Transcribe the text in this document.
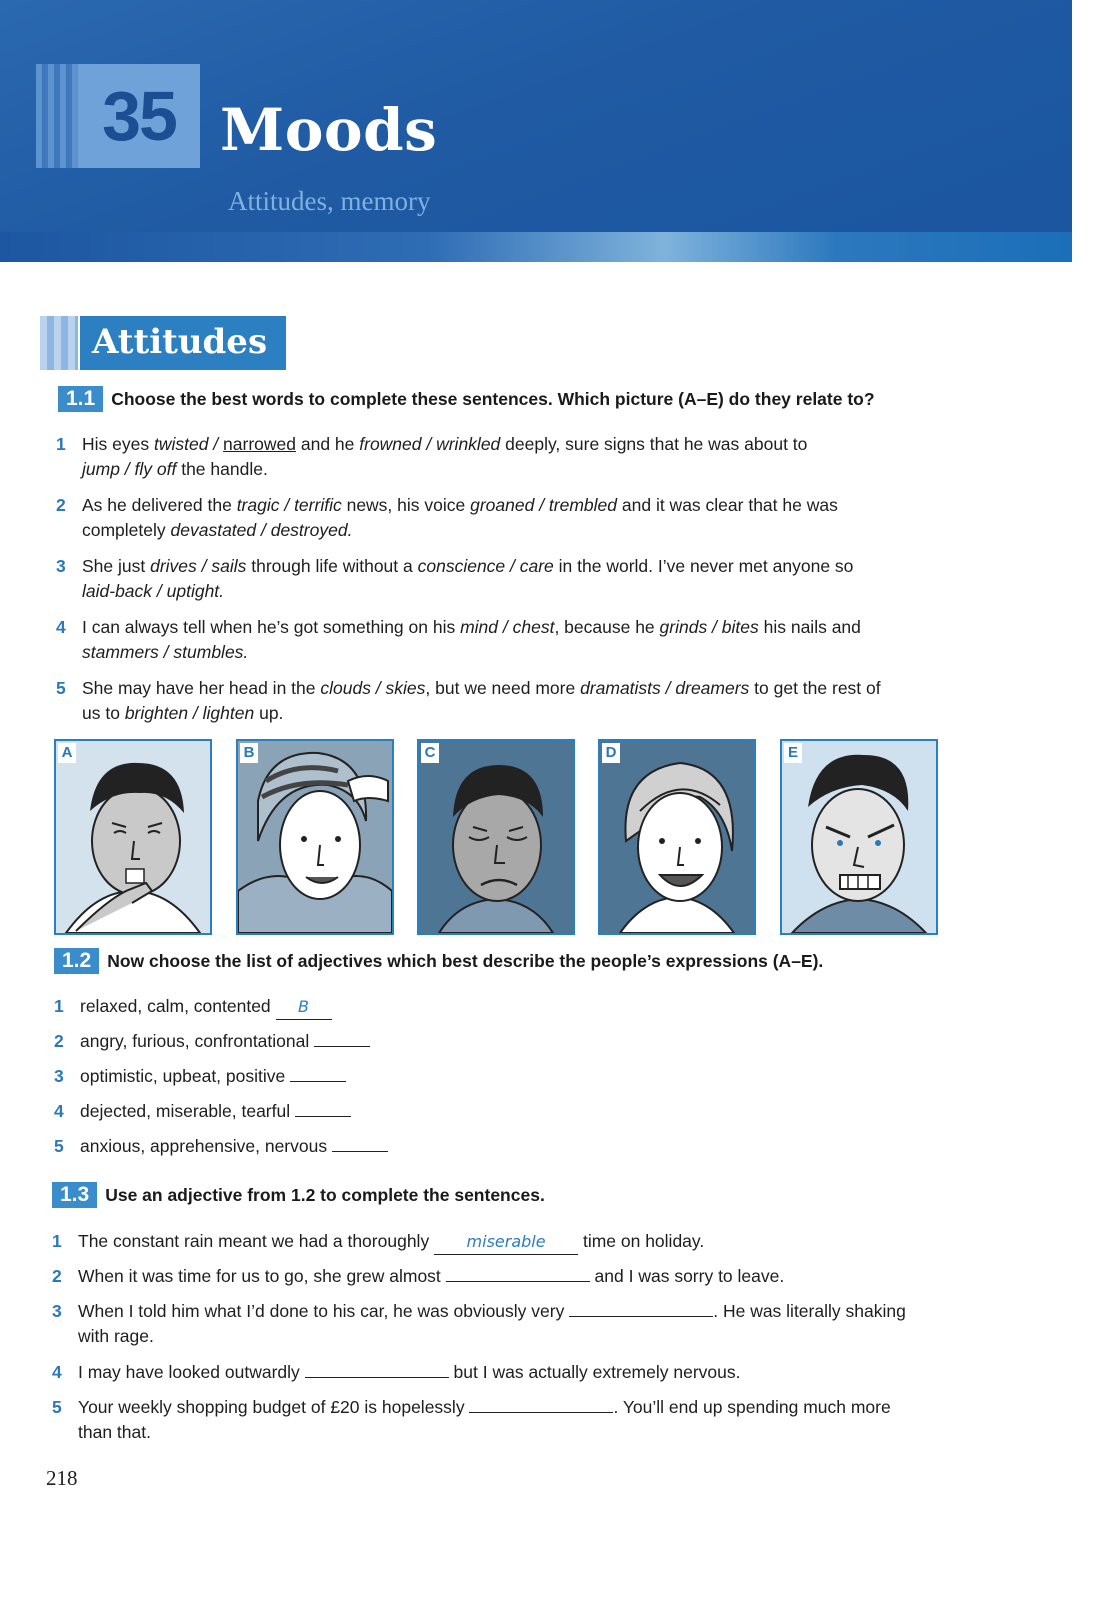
35 Moods
Attitudes, memory
Attitudes
1.1 Choose the best words to complete these sentences. Which picture (A–E) do they relate to?
1 His eyes twisted / narrowed and he frowned / wrinkled deeply, sure signs that he was about to
jump / fly off the handle.
2 As he delivered the tragic / terrific news, his voice groaned / trembled and it was clear that he was
completely devastated / destroyed.
3 She just drives / sails through life without a conscience / care in the world. I’ve never met anyone so
laid-back / uptight.
4 I can always tell when he’s got something on his mind / chest, because he grinds / bites his nails and
stammers / stumbles.
5 She may have her head in the clouds / skies, but we need more dramatists / dreamers to get the rest of
us to brighten / lighten up.
A	B	C	D	E
1.2 Now choose the list of adjectives which best describe the people’s expressions (A–E).
1 relaxed, calm, contented B
2 angry, furious, confrontational
3 optimistic, upbeat, positive
4 dejected, miserable, tearful
5 anxious, apprehensive, nervous
1.3 Use an adjective from 1.2 to complete the sentences.
1 The constant rain meant we had a thoroughly miserable time on holiday.
2 When it was time for us to go, she grew almost	and I was sorry to leave.
3 When I told him what I’d done to his car, he was obviously very	. He was literally shaking
with rage.
4 I may have looked outwardly	but I was actually extremely nervous.
5 Your weekly shopping budget of £20 is hopelessly	. You’ll end up spending much more
than that.
218
